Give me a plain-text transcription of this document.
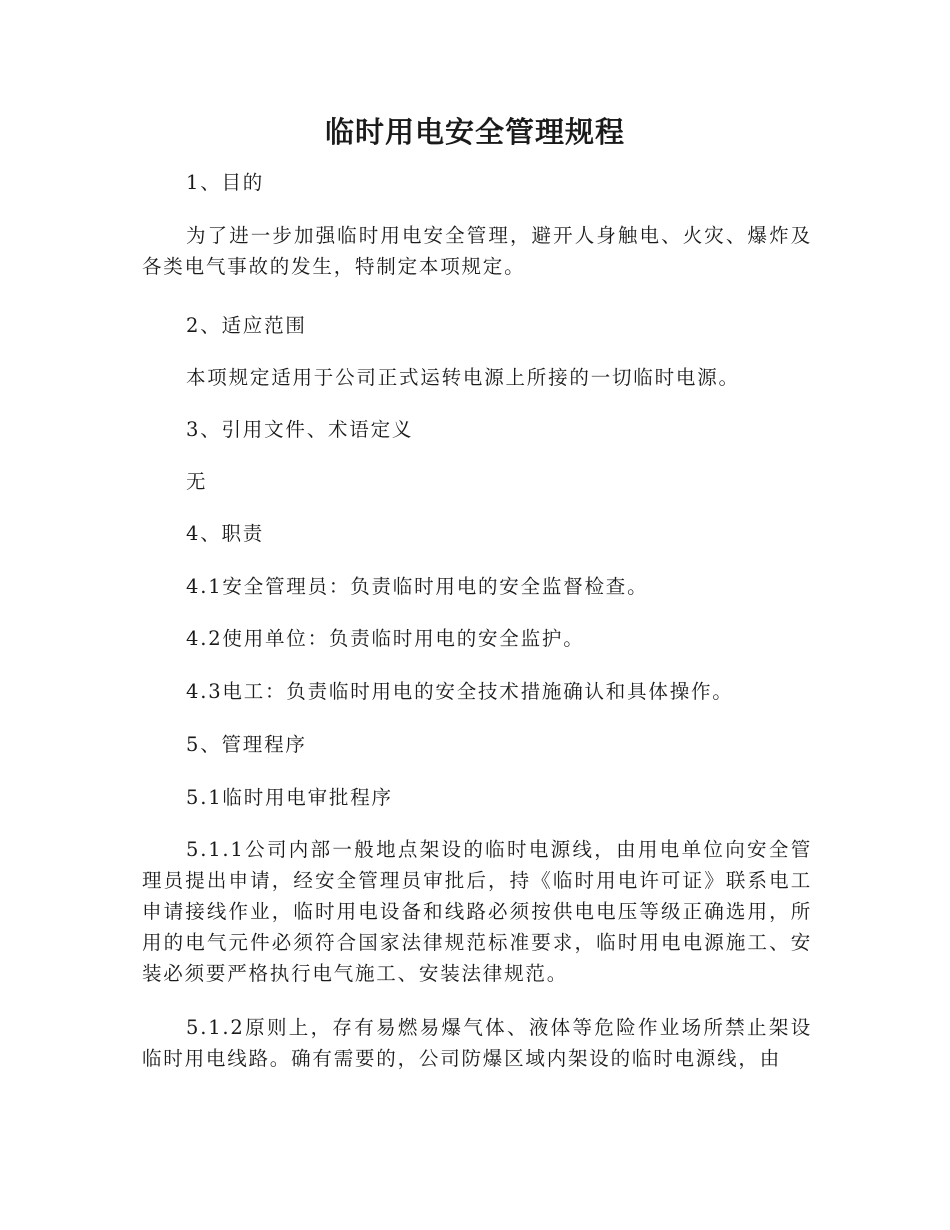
临时用电安全管理规程

1、目的

为了进一步加强临时用电安全管理，避开人身触电、火灾、爆炸及各类电气事故的发生，特制定本项规定。

2、适应范围

本项规定适用于公司正式运转电源上所接的一切临时电源。

3、引用文件、术语定义

无

4、职责

4.1安全管理员：负责临时用电的安全监督检查。

4.2使用单位：负责临时用电的安全监护。

4.3电工：负责临时用电的安全技术措施确认和具体操作。

5、管理程序

5.1临时用电审批程序

5.1.1公司内部一般地点架设的临时电源线，由用电单位向安全管理员提出申请，经安全管理员审批后，持《临时用电许可证》联系电工申请接线作业，临时用电设备和线路必须按供电电压等级正确选用，所用的电气元件必须符合国家法律规范标准要求，临时用电电源施工、安装必须要严格执行电气施工、安装法律规范。

5.1.2原则上，存有易燃易爆气体、液体等危险作业场所禁止架设临时用电线路。确有需要的，公司防爆区域内架设的临时电源线，由
